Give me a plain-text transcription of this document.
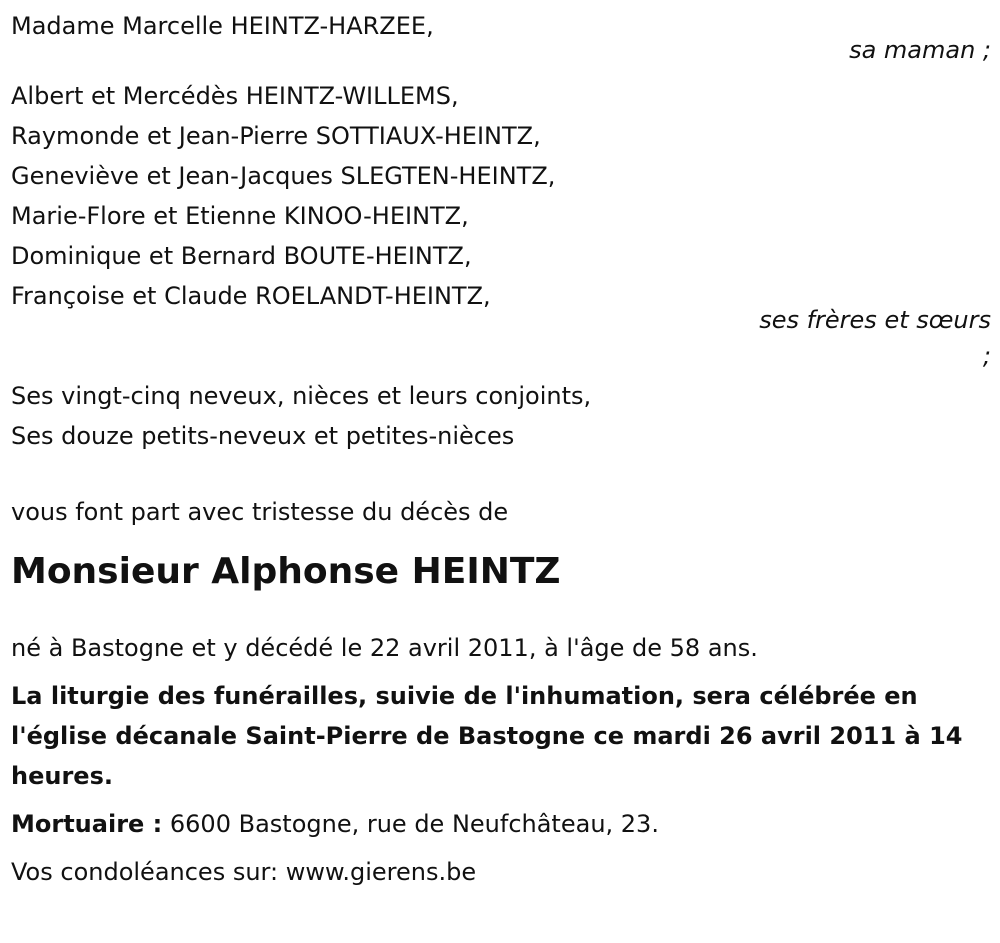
Madame Marcelle HEINTZ-HARZEE,
sa maman ;
Albert et Mercédès HEINTZ-WILLEMS,
Raymonde et Jean-Pierre SOTTIAUX-HEINTZ,
Geneviève et Jean-Jacques SLEGTEN-HEINTZ,
Marie-Flore et Etienne KINOO-HEINTZ,
Dominique et Bernard BOUTE-HEINTZ,
Françoise et Claude ROELANDT-HEINTZ,
ses frères et sœurs
;
Ses vingt-cinq neveux, nièces et leurs conjoints,
Ses douze petits-neveux et petites-nièces
vous font part avec tristesse du décès de
Monsieur Alphonse HEINTZ
né à Bastogne et y décédé le 22 avril 2011, à l'âge de 58 ans.
La liturgie des funérailles, suivie de l'inhumation, sera célébrée en l'église décanale Saint-Pierre de Bastogne ce mardi 26 avril 2011 à 14 heures.
Mortuaire : 6600 Bastogne, rue de Neufchâteau, 23.
Vos condoléances sur: www.gierens.be
